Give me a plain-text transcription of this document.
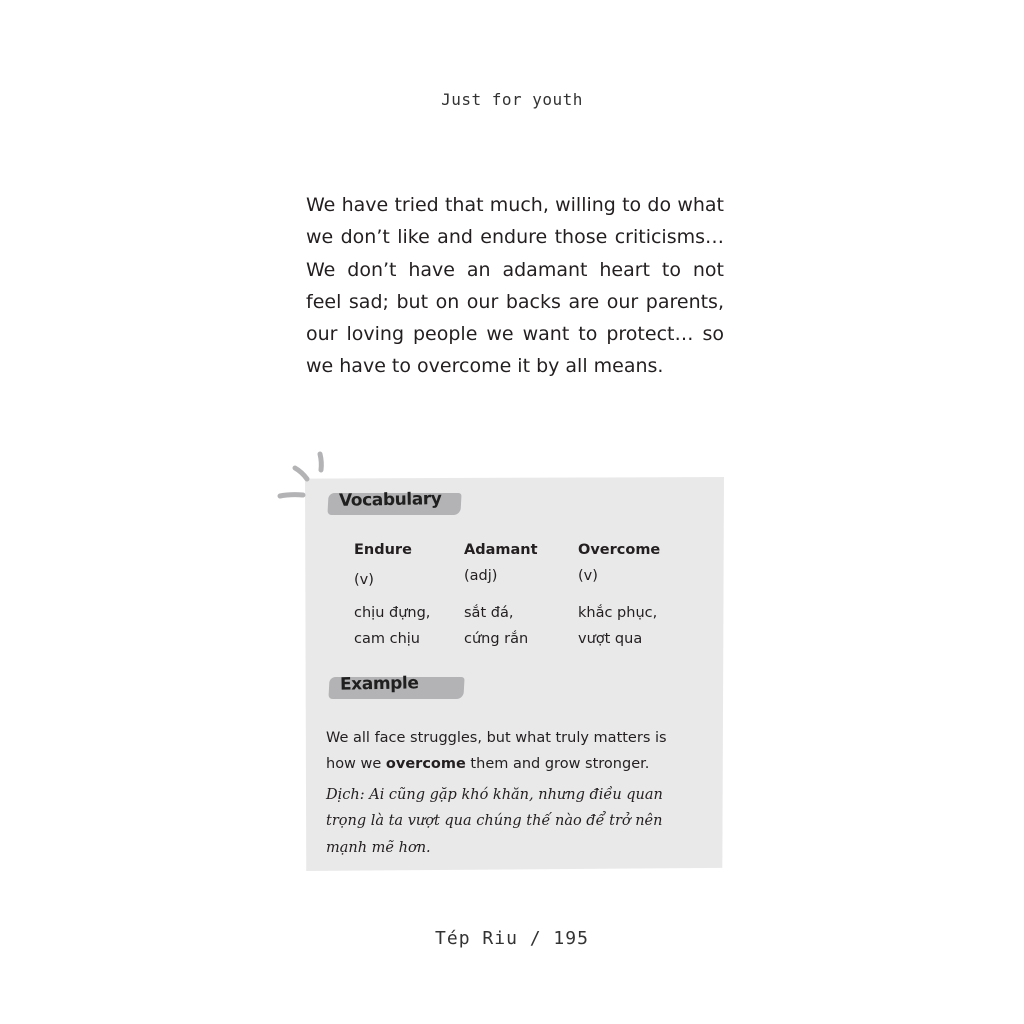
Just for youth
We have tried that much, willing to do what we don’t like and endure those criticisms… We don’t have an adamant heart to not feel sad; but on our backs are our parents, our loving people we want to protect… so we have to overcome it by all means.
Vocabulary
Endure
(v)
chịu đựng,
cam chịu
Adamant
(adj)
sắt đá,
cứng rắn
Overcome
(v)
khắc phục,
vượt qua
Example
We all face struggles, but what truly matters is how we overcome them and grow stronger.
Dịch: Ai cũng gặp khó khăn, nhưng điều quan trọng là ta vượt qua chúng thế nào để trở nên mạnh mẽ hơn.
Tép Riu / 195
